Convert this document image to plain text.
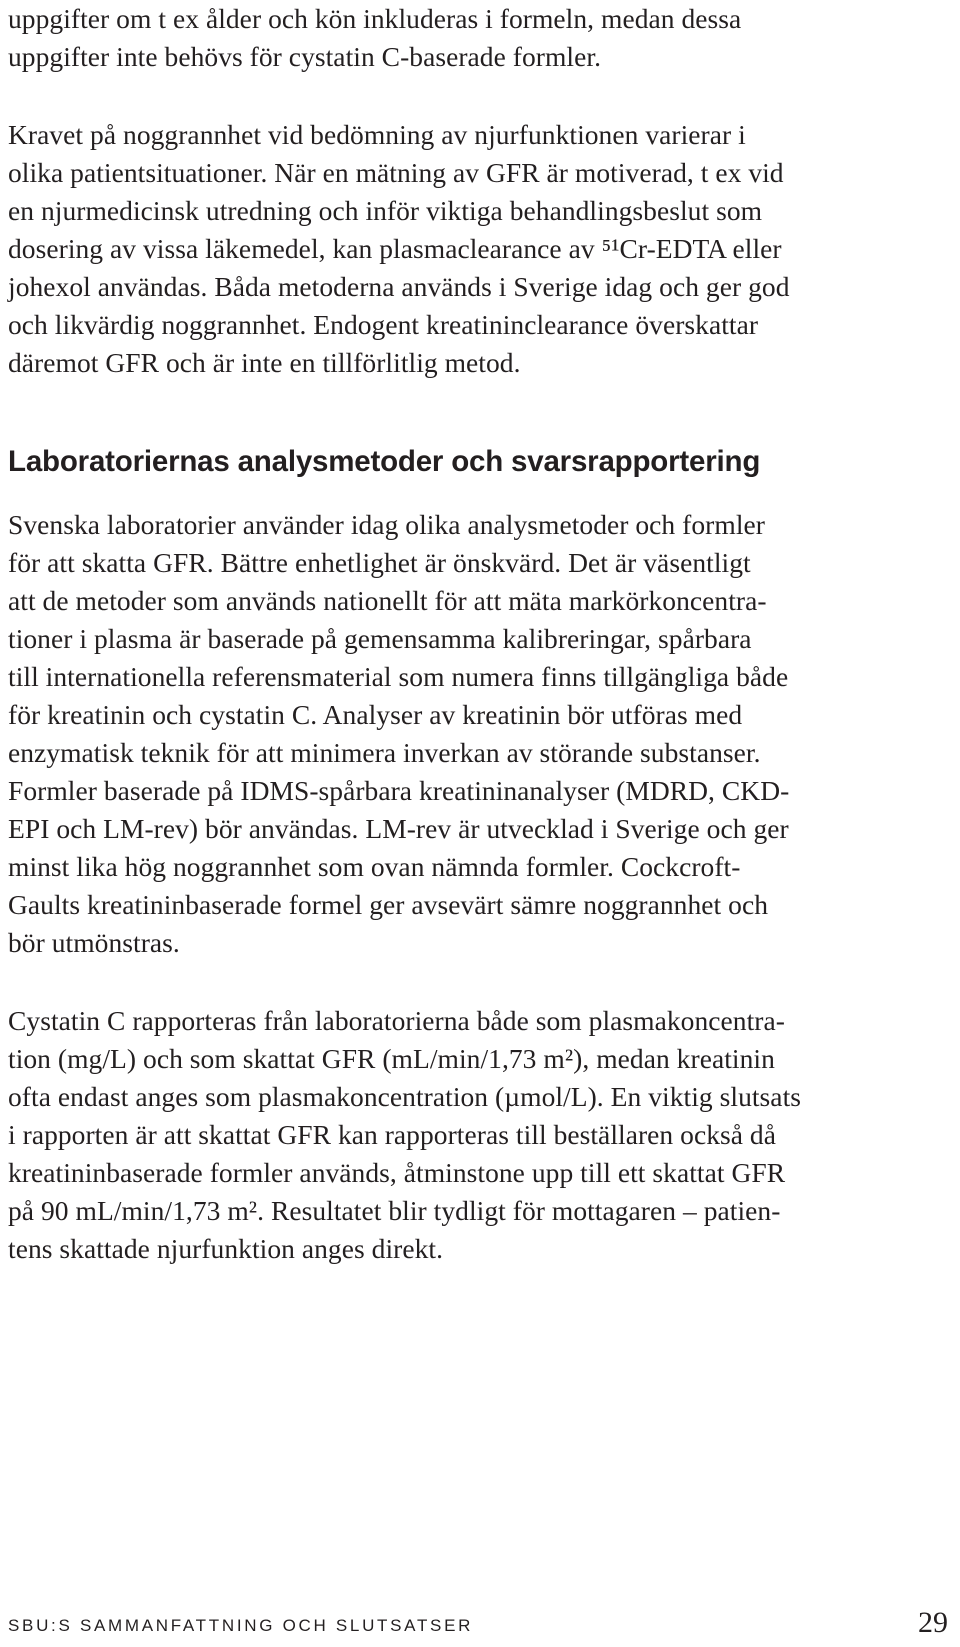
uppgifter om t ex ålder och kön inkluderas i formeln, medan dessa
uppgifter inte behövs för cystatin C-baserade formler.
Kravet på noggrannhet vid bedömning av njurfunktionen varierar i
olika patientsituationer. När en mätning av GFR är motiverad, t ex vid
en njurmedicinsk utredning och inför viktiga behandlingsbeslut som
dosering av vissa läkemedel, kan plasmaclearance av ⁵¹Cr-EDTA eller
johexol användas. Båda metoderna används i Sverige idag och ger god
och likvärdig noggrannhet. Endogent kreatininclearance överskattar
däremot GFR och är inte en tillförlitlig metod.
Laboratoriernas analysmetoder och svarsrapportering
Svenska laboratorier använder idag olika analysmetoder och formler
för att skatta GFR. Bättre enhetlighet är önskvärd. Det är väsentligt
att de metoder som används nationellt för att mäta markörkoncentra-
tioner i plasma är baserade på gemensamma kalibreringar, spårbara
till internationella referensmaterial som numera finns tillgängliga både
för kreatinin och cystatin C. Analyser av kreatinin bör utföras med
enzymatisk teknik för att minimera inverkan av störande substanser.
Formler baserade på IDMS-spårbara kreatininanalyser (MDRD, CKD-
EPI och LM-rev) bör användas. LM-rev är utvecklad i Sverige och ger
minst lika hög noggrannhet som ovan nämnda formler. Cockcroft-
Gaults kreatininbaserade formel ger avsevärt sämre noggrannhet och
bör utmönstras.
Cystatin C rapporteras från laboratorierna både som plasmakoncentra-
tion (mg/L) och som skattat GFR (mL/min/1,73 m²), medan kreatinin
ofta endast anges som plasmakoncentration (µmol/L). En viktig slutsats
i rapporten är att skattat GFR kan rapporteras till beställaren också då
kreatininbaserade formler används, åtminstone upp till ett skattat GFR
på 90 mL/min/1,73 m². Resultatet blir tydligt för mottagaren – patien-
tens skattade njurfunktion anges direkt.
SBU:S SAMMANFATTNING OCH SLUTSATSER	29
